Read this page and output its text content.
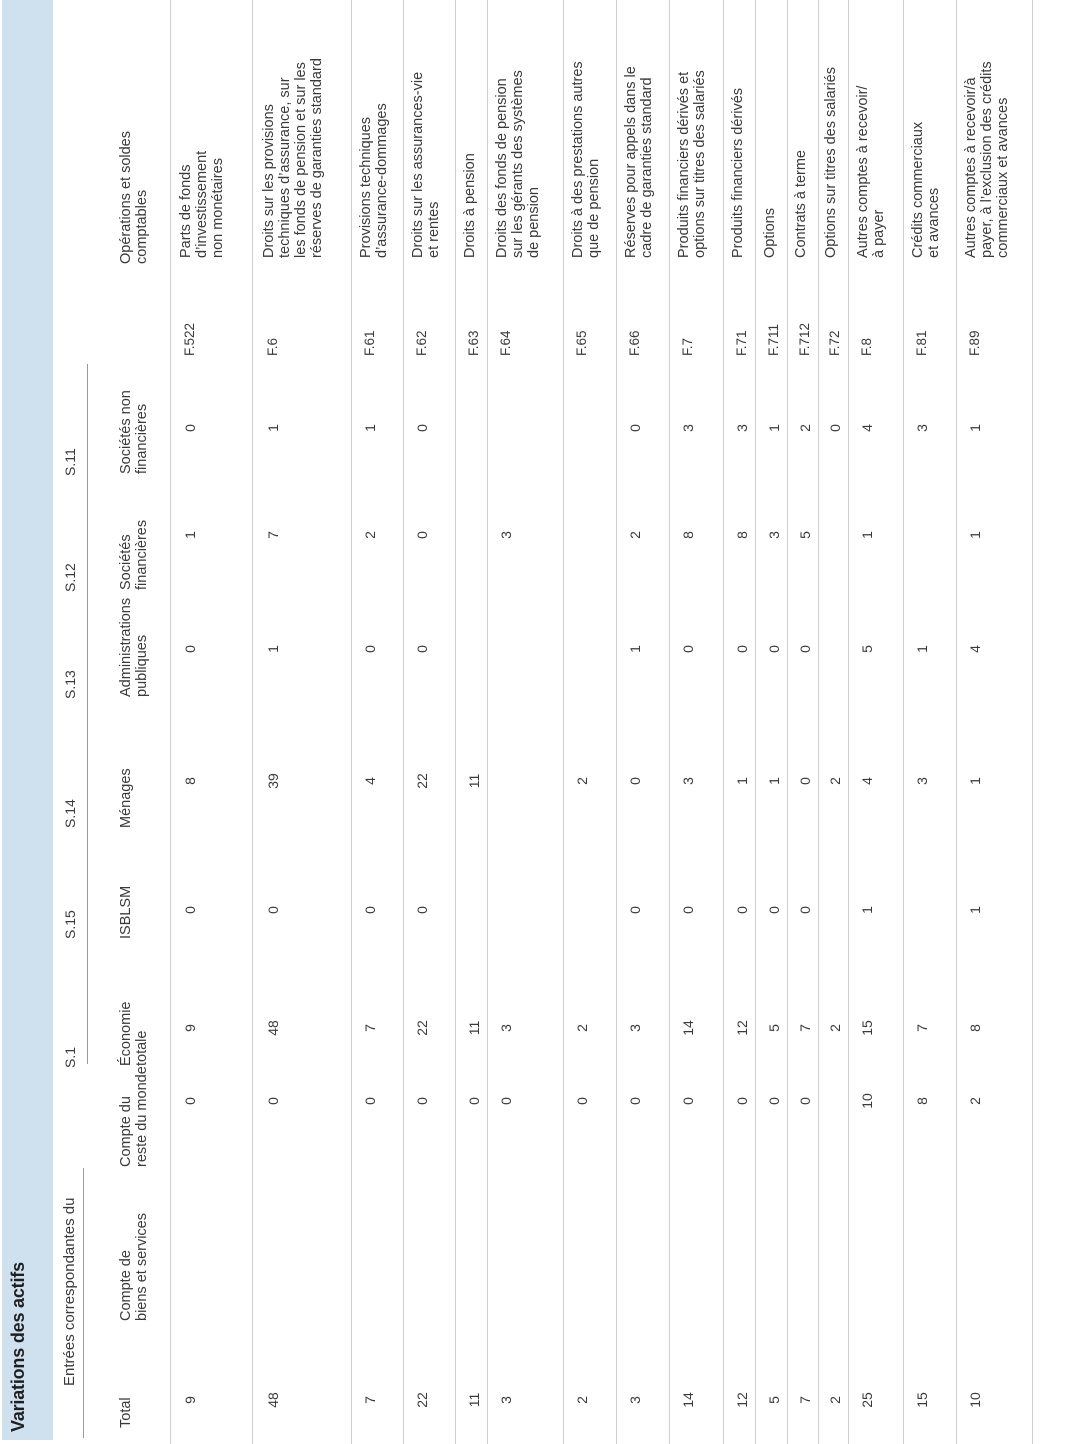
Variations des actifs	Entrées correspondantes du
S.1
S.15
S.14
S.13
S.12
S.11
Total
Compte de
biens et services
Compte du
reste du monde
Économie
totale
ISBLSM
Ménages
Administrations
publiques
Sociétés
financières
Sociétés non
financières
Opérations et soldes
comptables
9
0
9
0
8
0
1
0
F.522
Parts de fonds
d’investissement
non monétaires
48
0
48
0
39
1
7
1
F.6
Droits sur les provisions
techniques d’assurance, sur
les fonds de pension et sur les
réserves de garanties standard
7
0
7
0
4
0
2
1
F.61
Provisions techniques
d’assurance-dommages
22
0
22
0
22
0
0
0
F.62
Droits sur les assurances-vie
et rentes
11
0
11
11
F.63
Droits à pension
3
0
3
3
F.64
Droits des fonds de pension
sur les gérants des systèmes
de pension
2
0
2
2
F.65
Droits à des prestations autres
que de pension
3
0
3
0
0
1
2
0
F.66
Réserves pour appels dans le
cadre de garanties standard
14
0
14
0
3
0
8
3
F.7
Produits financiers dérivés et
options sur titres des salariés
12
0
12
0
1
0
8
3
F.71
Produits financiers dérivés
5
0
5
0
1
0
3
1
F.711
Options
7
0
7
0
0
0
5
2
F.712
Contrats à terme
2
2
2
0
F.72
Options sur titres des salariés
25
10
15
1
4
5
1
4
F.8
Autres comptes à recevoir/
à payer
15
8
7
3
1
3
F.81
Crédits commerciaux
et avances
10
2
8
1
1
4
1
1
F.89
Autres comptes à recevoir/à
payer, à l’exclusion des crédits
commerciaux et avances
